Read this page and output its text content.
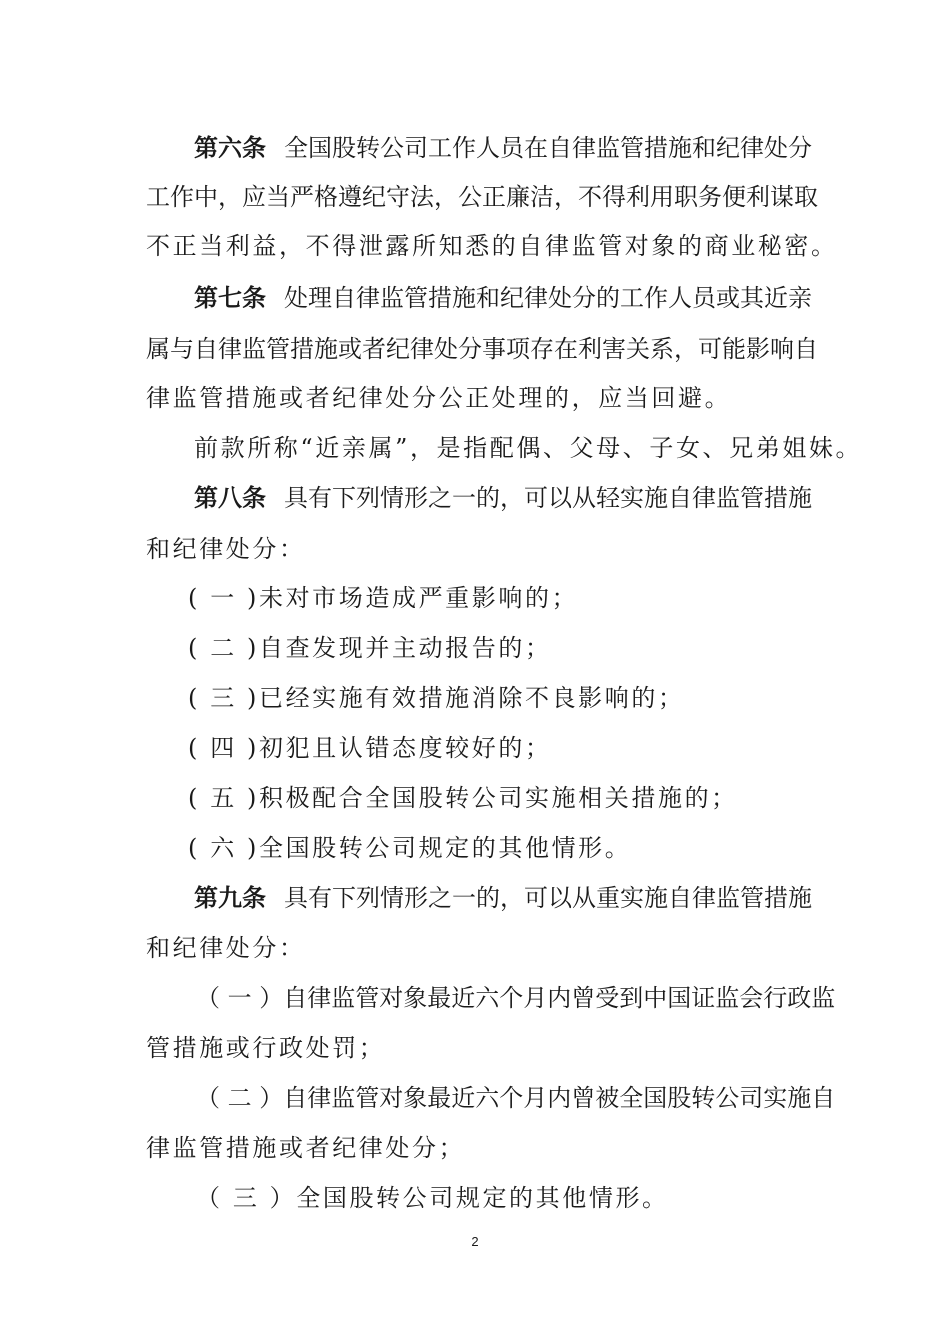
第六条 全国股转公司工作人员在自律监管措施和纪律处分
工作中，应当严格遵纪守法，公正廉洁，不得利用职务便利谋取
不正当利益，不得泄露所知悉的自律监管对象的商业秘密。
第七条 处理自律监管措施和纪律处分的工作人员或其近亲
属与自律监管措施或者纪律处分事项存在利害关系，可能影响自
律监管措施或者纪律处分公正处理的，应当回避。
前款所称“近亲属”，是指配偶、父母、子女、兄弟姐妹。
第八条 具有下列情形之一的，可以从轻实施自律监管措施
和纪律处分：
( 一 )未对市场造成严重影响的；
( 二 )自查发现并主动报告的；
( 三 )已经实施有效措施消除不良影响的；
( 四 )初犯且认错态度较好的；
( 五 )积极配合全国股转公司实施相关措施的；
( 六 )全国股转公司规定的其他情形。
第九条 具有下列情形之一的，可以从重实施自律监管措施
和纪律处分：
（ 一 ）自律监管对象最近六个月内曾受到中国证监会行政监
管措施或行政处罚；
（ 二 ）自律监管对象最近六个月内曾被全国股转公司实施自
律监管措施或者纪律处分；
（ 三 ）全国股转公司规定的其他情形。
2
